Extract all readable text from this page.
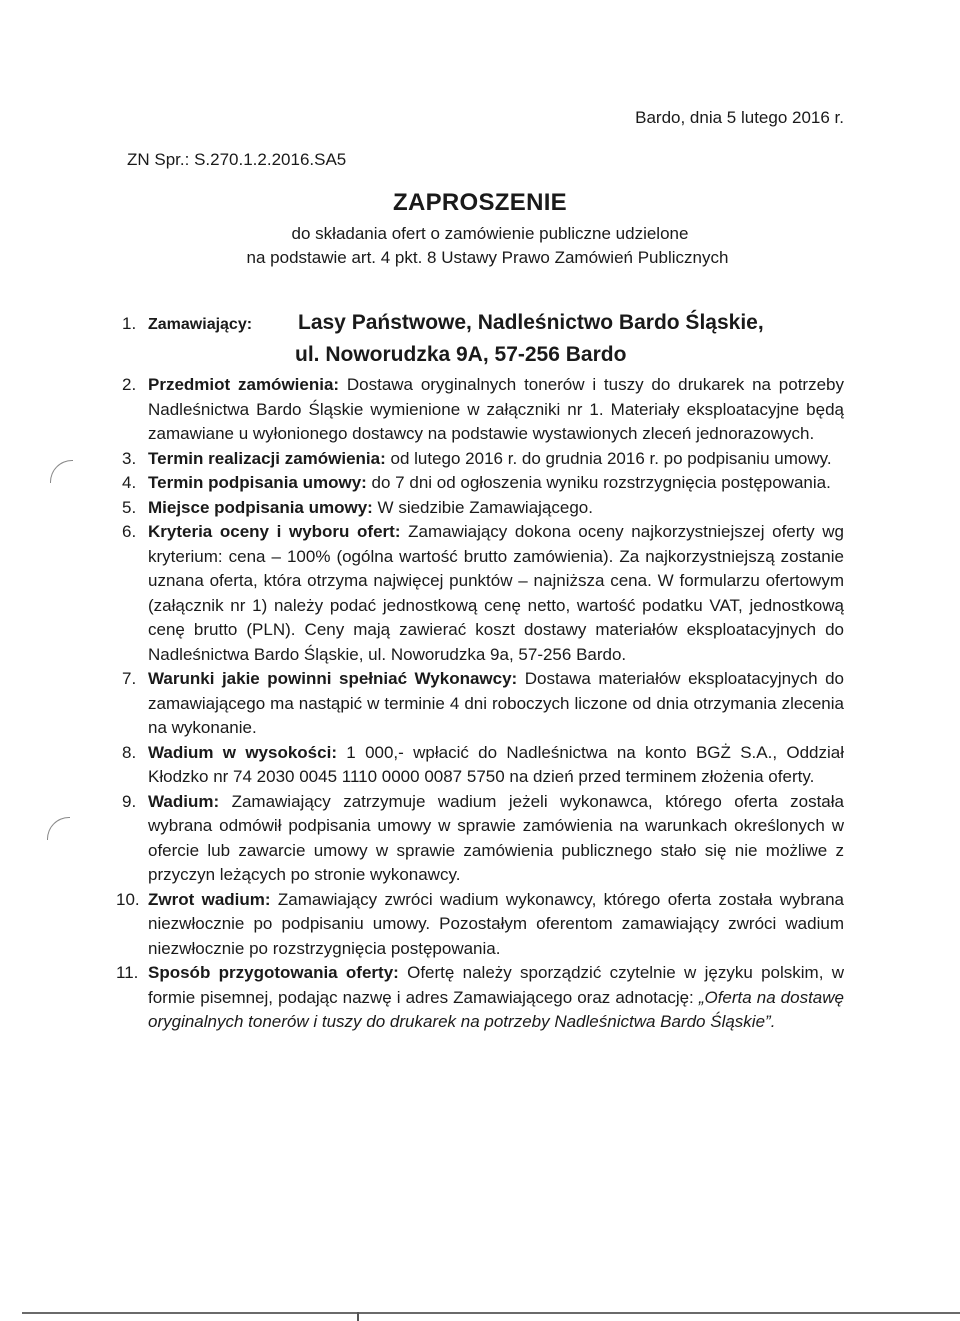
Bardo, dnia 5 lutego 2016 r.
ZN Spr.: S.270.1.2.2016.SA5
ZAPROSZENIE
do składania ofert o zamówienie publiczne udzielone
na podstawie art. 4 pkt. 8 Ustawy Prawo Zamówień Publicznych
1. Zamawiający:	Lasy Państwowe, Nadleśnictwo Bardo Śląskie,
ul. Noworudzka 9A, 57-256 Bardo
2. Przedmiot zamówienia: Dostawa oryginalnych tonerów i tuszy do drukarek na potrzeby Nadleśnictwa Bardo Śląskie wymienione w załączniki nr 1. Materiały eksploatacyjne będą zamawiane u wyłonionego dostawcy na podstawie wystawionych zleceń jednorazowych.
3. Termin realizacji zamówienia: od lutego 2016 r. do grudnia 2016 r. po podpisaniu umowy.
4. Termin podpisania umowy: do 7 dni od ogłoszenia wyniku rozstrzygnięcia postępowania.
5. Miejsce podpisania umowy: W siedzibie Zamawiającego.
6. Kryteria oceny i wyboru ofert: Zamawiający dokona oceny najkorzystniejszej oferty wg kryterium: cena – 100% (ogólna wartość brutto zamówienia). Za najkorzystniejszą zostanie uznana oferta, która otrzyma najwięcej punktów – najniższa cena. W formularzu ofertowym (załącznik nr 1) należy podać jednostkową cenę netto, wartość podatku VAT, jednostkową cenę brutto (PLN). Ceny mają zawierać koszt dostawy materiałów eksploatacyjnych do Nadleśnictwa Bardo Śląskie, ul. Noworudzka 9a, 57-256 Bardo.
7. Warunki jakie powinni spełniać Wykonawcy: Dostawa materiałów eksploatacyjnych do zamawiającego ma nastąpić w terminie 4 dni roboczych liczone od dnia otrzymania zlecenia na wykonanie.
8. Wadium w wysokości: 1 000,- wpłacić do Nadleśnictwa na konto BGŻ S.A., Oddział Kłodzko nr 74 2030 0045 1110 0000 0087 5750 na dzień przed terminem złożenia oferty.
9. Wadium: Zamawiający zatrzymuje wadium jeżeli wykonawca, którego oferta została wybrana odmówił podpisania umowy w sprawie zamówienia na warunkach określonych w ofercie lub zawarcie umowy w sprawie zamówienia publicznego stało się nie możliwe z przyczyn leżących po stronie wykonawcy.
10. Zwrot wadium: Zamawiający zwróci wadium wykonawcy, którego oferta została wybrana niezwłocznie po podpisaniu umowy. Pozostałym oferentom zamawiający zwróci wadium niezwłocznie po rozstrzygnięcia postępowania.
11. Sposób przygotowania oferty: Ofertę należy sporządzić czytelnie w języku polskim, w formie pisemnej, podając nazwę i adres Zamawiającego oraz adnotację: „Oferta na dostawę oryginalnych tonerów i tuszy do drukarek na potrzeby Nadleśnictwa Bardo Śląskie”.
